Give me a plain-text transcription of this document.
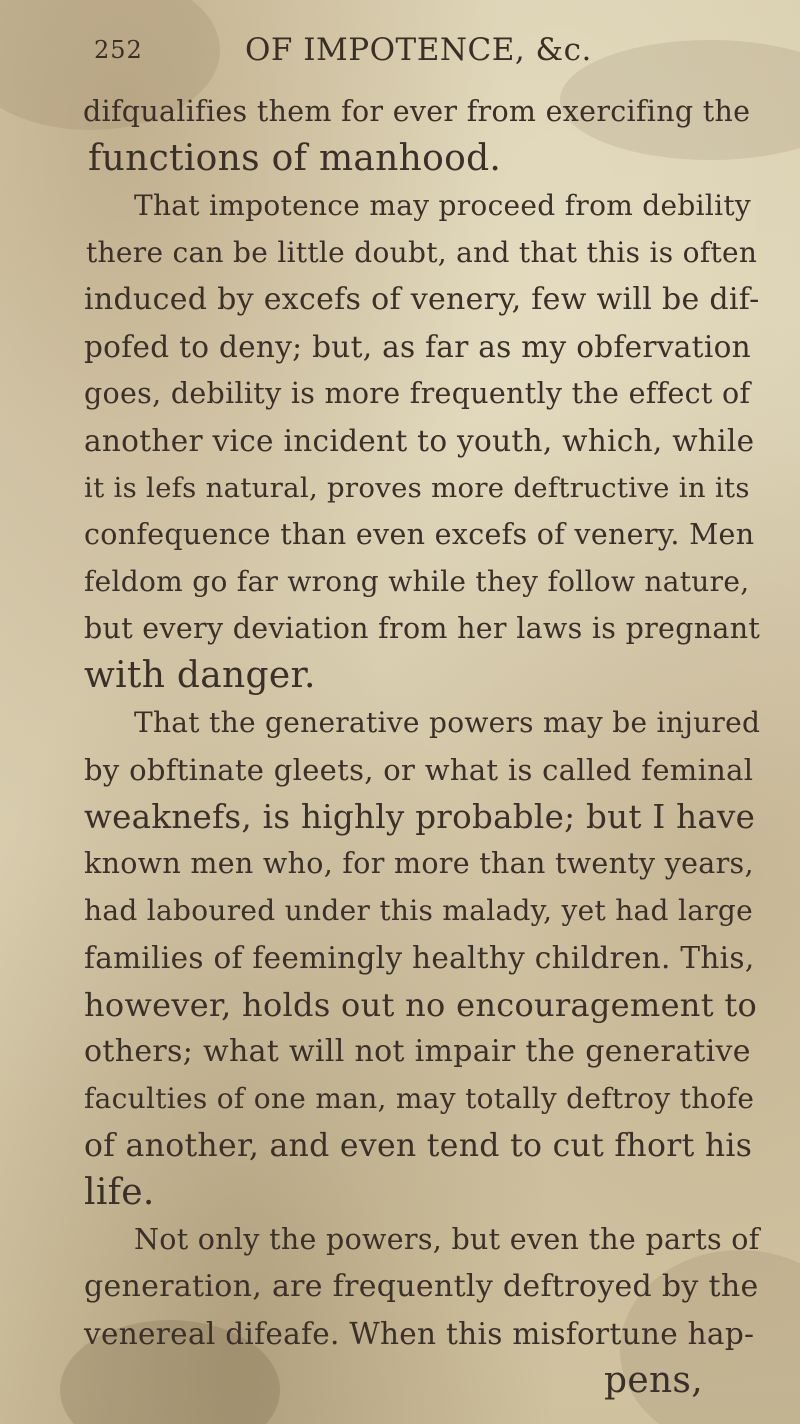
252	OF IMPOTENCE, &c.
difqualifies them for ever from exercifing the
functions of manhood.
That impotence may proceed from debility
there can be little doubt, and that this is often
induced by excefs of venery, few will be dif-
pofed to deny; but, as far as my obfervation
goes, debility is more frequently the effect of
another vice incident to youth, which, while
it is lefs natural, proves more deftructive in its
confequence than even excefs of venery. Men
feldom go far wrong while they follow nature,
but every deviation from her laws is pregnant
with danger.
That the generative powers may be injured
by obftinate gleets, or what is called feminal
weaknefs, is highly probable; but I have
known men who, for more than twenty years,
had laboured under this malady, yet had large
families of feemingly healthy children. This,
however, holds out no encouragement to
others; what will not impair the generative
faculties of one man, may totally deftroy thofe
of another, and even tend to cut fhort his
life.
Not only the powers, but even the parts of
generation, are frequently deftroyed by the
venereal difeafe. When this misfortune hap-
pens,
